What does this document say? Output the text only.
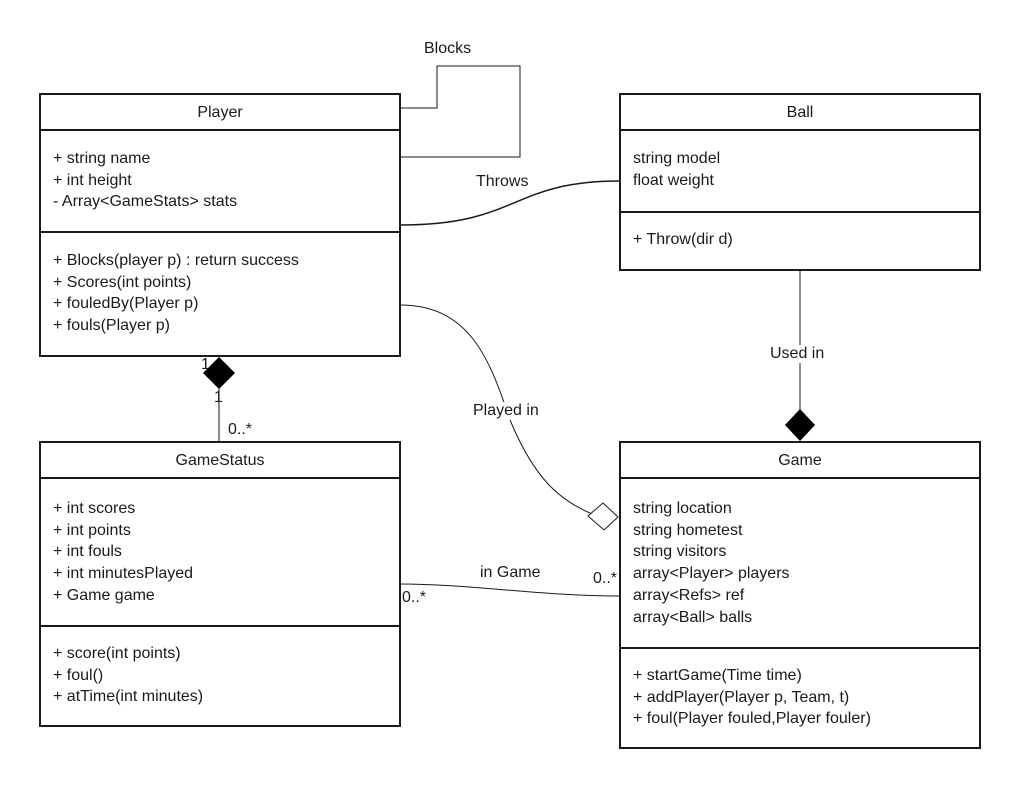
Player
+ string name
+ int height
- Array<GameStats> stats
+ Blocks(player p) : return success
+ Scores(int points)
+ fouledBy(Player p)
+ fouls(Player p)
Ball
string model
float weight
+ Throw(dir d)
GameStatus
+ int scores
+ int points
+ int fouls
+ int minutesPlayed
+ Game game
+ score(int points)
+ foul()
+ atTime(int minutes)
Game
string location
string hometest
string visitors
array<Player> players
array<Refs> ref
array<Ball> balls
+ startGame(Time time)
+ addPlayer(Player p, Team, t)
+ foul(Player fouled,Player fouler)
Blocks
Throws
Used in
Played in
1
1
0..*
in Game
0..*
0..*
